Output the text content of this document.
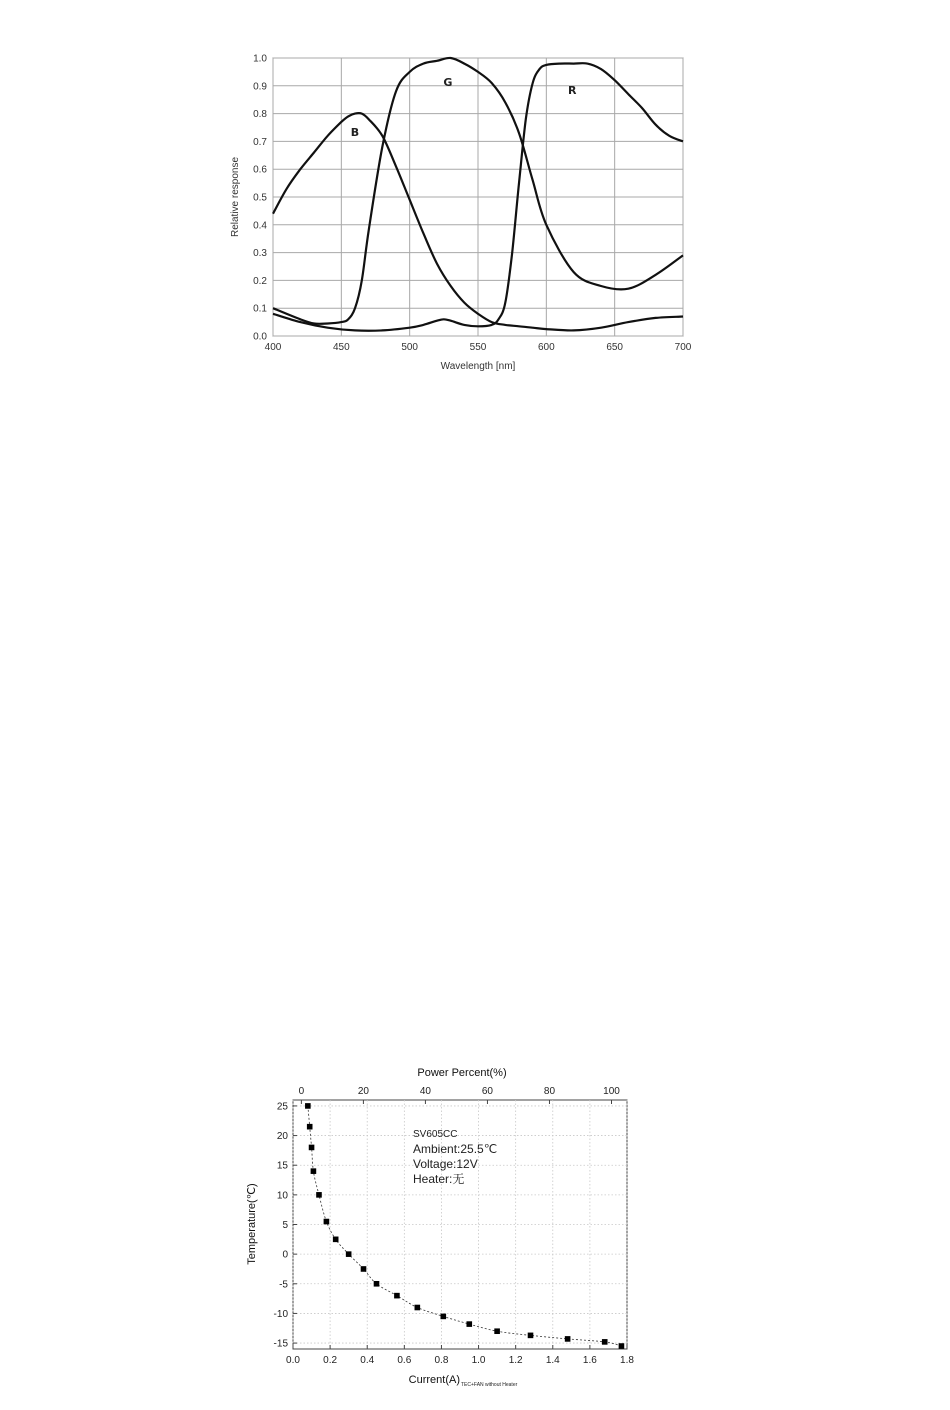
400	450	500	550	600	650	700
0.0
0.1
0.2
0.3
0.4
0.5
0.6
0.7
0.8
0.9
1.0
B
G
R
Wavelength [nm]
Relative response
0.0 0.2 0.4 0.6 0.8 1.0 1.2 1.4 1.6 1.8
0	20	40	60	80	100
25
20
15
10
5
0
-5
-10
-15
Power Percent(%)
Current(A) TEC+FAN without Heater
Temperature(℃)
SV605CC
Ambient:25.5℃
Voltage:12V
Heater:无
